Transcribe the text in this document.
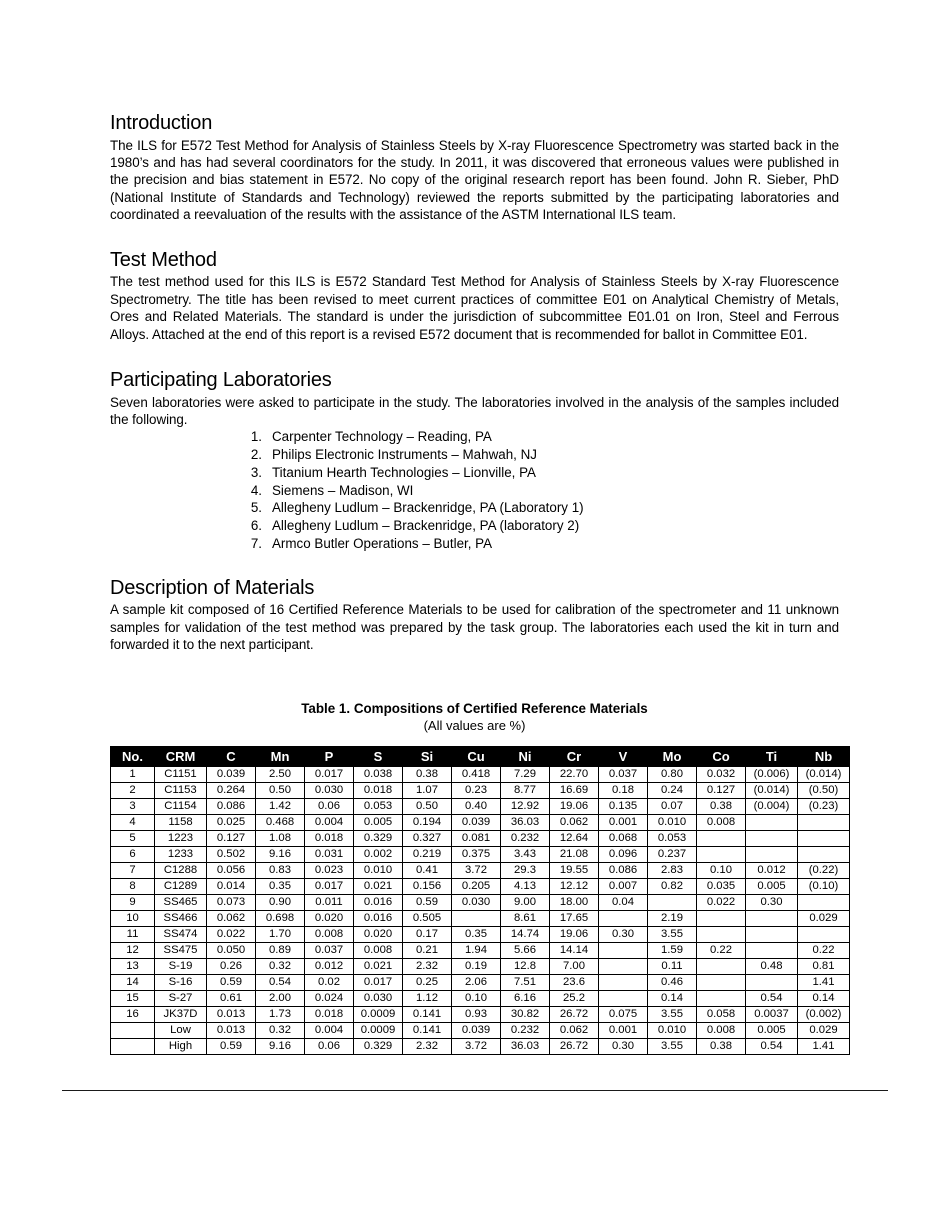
Introduction

The ILS for E572 Test Method for Analysis of Stainless Steels by X-ray Fluorescence Spectrometry was started back in the 1980’s and has had several coordinators for the study. In 2011, it was discovered that erroneous values were published in the precision and bias statement in E572. No copy of the original research report has been found. John R. Sieber, PhD (National Institute of Standards and Technology) reviewed the reports submitted by the participating laboratories and coordinated a reevaluation of the results with the assistance of the ASTM International ILS team.

Test Method

The test method used for this ILS is E572 Standard Test Method for Analysis of Stainless Steels by X-ray Fluorescence Spectrometry. The title has been revised to meet current practices of committee E01 on Analytical Chemistry of Metals, Ores and Related Materials. The standard is under the jurisdiction of subcommittee E01.01 on Iron, Steel and Ferrous Alloys. Attached at the end of this report is a revised E572 document that is recommended for ballot in Committee E01.

Participating Laboratories

Seven laboratories were asked to participate in the study. The laboratories involved in the analysis of the samples included the following.

Carpenter Technology – Reading, PA
Philips Electronic Instruments – Mahwah, NJ
Titanium Hearth Technologies – Lionville, PA
Siemens – Madison, WI
Allegheny Ludlum – Brackenridge, PA (Laboratory 1)
Allegheny Ludlum – Brackenridge, PA (laboratory 2)
Armco Butler Operations – Butler, PA
Description of Materials

A sample kit composed of 16 Certified Reference Materials to be used for calibration of the spectrometer and 11 unknown samples for validation of the test method was prepared by the task group. The laboratories each used the kit in turn and forwarded it to the next participant.

Table 1. Compositions of Certified Reference Materials
(All values are %)
No.	CRM	C	Mn	P	S	Si	Cu	Ni	Cr	V	Mo	Co	Ti	Nb
1	C1151	0.039	2.50	0.017	0.038	0.38	0.418	7.29	22.70	0.037	0.80	0.032	(0.006)	(0.014)
2	C1153	0.264	0.50	0.030	0.018	1.07	0.23	8.77	16.69	0.18	0.24	0.127	(0.014)	(0.50)
3	C1154	0.086	1.42	0.06	0.053	0.50	0.40	12.92	19.06	0.135	0.07	0.38	(0.004)	(0.23)
4	1158	0.025	0.468	0.004	0.005	0.194	0.039	36.03	0.062	0.001	0.010	0.008		
5	1223	0.127	1.08	0.018	0.329	0.327	0.081	0.232	12.64	0.068	0.053			
6	1233	0.502	9.16	0.031	0.002	0.219	0.375	3.43	21.08	0.096	0.237			
7	C1288	0.056	0.83	0.023	0.010	0.41	3.72	29.3	19.55	0.086	2.83	0.10	0.012	(0.22)
8	C1289	0.014	0.35	0.017	0.021	0.156	0.205	4.13	12.12	0.007	0.82	0.035	0.005	(0.10)
9	SS465	0.073	0.90	0.011	0.016	0.59	0.030	9.00	18.00	0.04		0.022	0.30	
10	SS466	0.062	0.698	0.020	0.016	0.505		8.61	17.65		2.19			0.029
11	SS474	0.022	1.70	0.008	0.020	0.17	0.35	14.74	19.06	0.30	3.55			
12	SS475	0.050	0.89	0.037	0.008	0.21	1.94	5.66	14.14		1.59	0.22		0.22
13	S-19	0.26	0.32	0.012	0.021	2.32	0.19	12.8	7.00		0.11		0.48	0.81
14	S-16	0.59	0.54	0.02	0.017	0.25	2.06	7.51	23.6		0.46			1.41
15	S-27	0.61	2.00	0.024	0.030	1.12	0.10	6.16	25.2		0.14		0.54	0.14
16	JK37D	0.013	1.73	0.018	0.0009	0.141	0.93	30.82	26.72	0.075	3.55	0.058	0.0037	(0.002)
	Low	0.013	0.32	0.004	0.0009	0.141	0.039	0.232	0.062	0.001	0.010	0.008	0.005	0.029
	High	0.59	9.16	0.06	0.329	2.32	3.72	36.03	26.72	0.30	3.55	0.38	0.54	1.41
